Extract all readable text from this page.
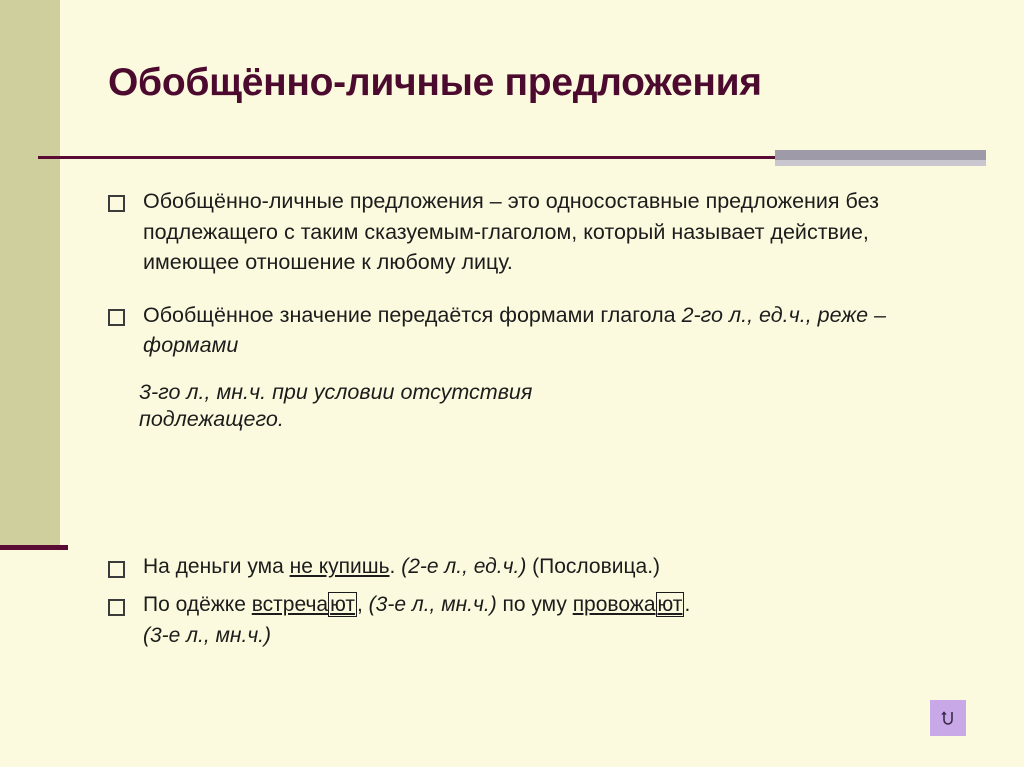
Обобщённо-личные предложения
Обобщённо-личные предложения – это односоставные предложения без подлежащего с таким сказуемым-глаголом, который называет действие, имеющее отношение к любому лицу.
Обобщённое значение передаётся формами глагола 2-го л., ед.ч., реже – формами
3-го л., мн.ч. при условии отсутствия
подлежащего.
На деньги ума не купишь. (2-е л., ед.ч.) (Пословица.)
По одёжке встречают, (3-е л., мн.ч.) по уму провожают.
(3-е л., мн.ч.)
